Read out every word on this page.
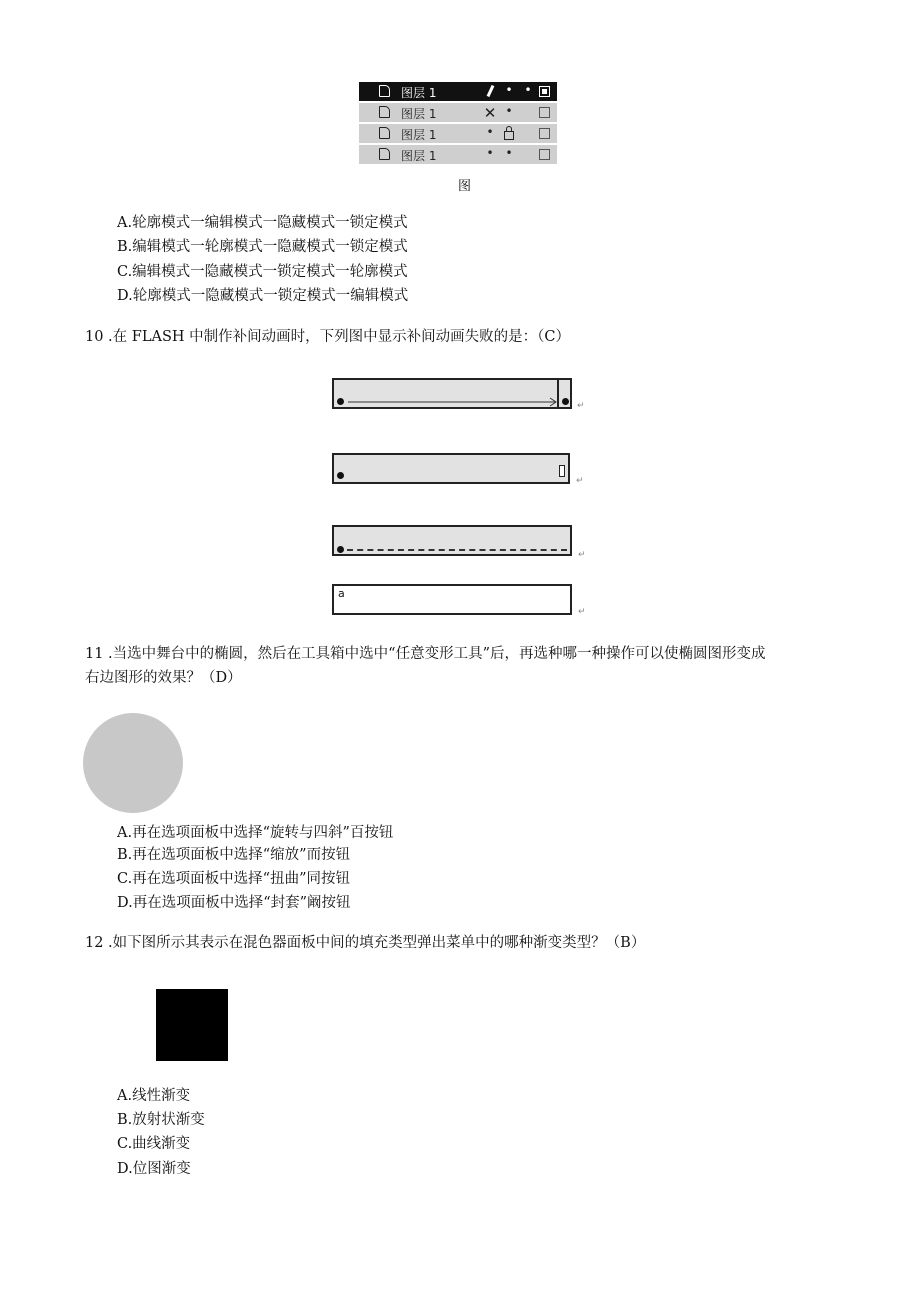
图层 1	• •
图层 1	✕ •
图层 1	•
图层 1	• •
图
A.轮廓模式一编辑模式一隐藏模式一锁定模式
B.编辑模式一轮廓模式一隐藏模式一锁定模式
C.编辑模式一隐藏模式一锁定模式一轮廓模式
D.轮廓模式一隐藏模式一锁定模式一编辑模式
10 .在 FLASH 中制作补间动画时，下列图中显示补间动画失败的是：（C）
↵
↵
↵
a
↵
11 .当选中舞台中的椭圆，然后在工具箱中选中“任意变形工具”后，再选种哪一种操作可以使椭圆图形变成
右边图形的效果？（D）
A.再在选项面板中选择“旋转与四斜”百按钮
B.再在选项面板中选择“缩放”而按钮
C.再在选项面板中选择“扭曲”同按钮
D.再在选项面板中选择“封套”阚按钮
12 .如下图所示其表示在混色器面板中间的填充类型弹出菜单中的哪种渐变类型？（B）
A.线性渐变
B.放射状渐变
C.曲线渐变
D.位图渐变
